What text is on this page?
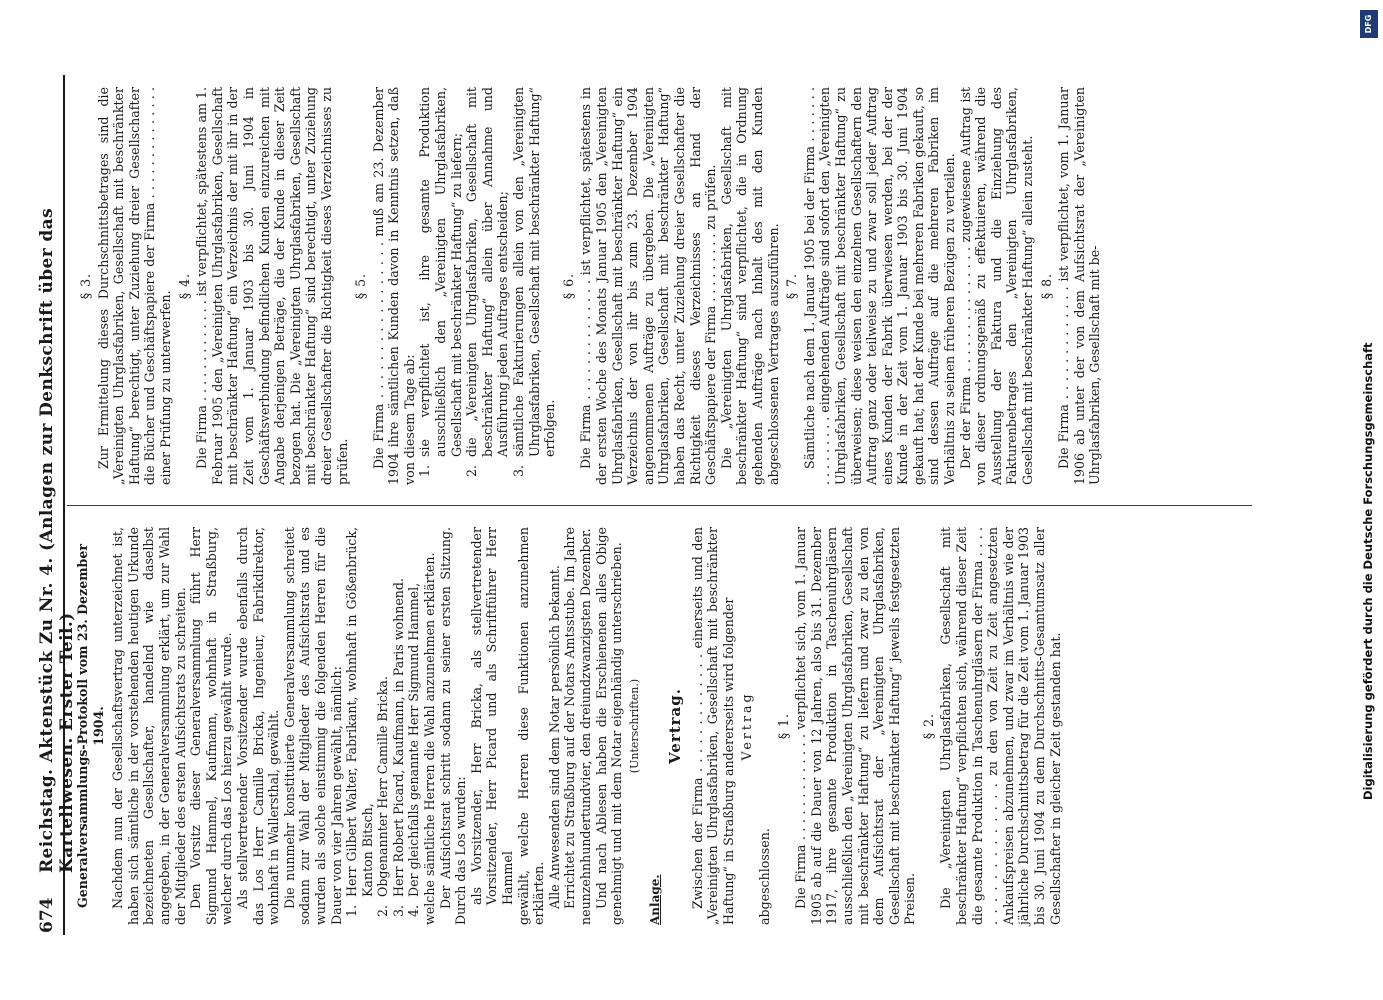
674
Reichstag. Aktenstück Zu Nr. 4. (Anlagen zur Denkschrift über das Kartellwesen. Erster Teil.)

Generalversammlungs-Protokoll vom 23. Dezember 1904. Nachdem nun der Gesellschaftsvertrag unterzeichnet ist, haben sich sämtliche in der vorstehenden heutigen Urkunde bezeichneten Gesellschafter, handelnd wie daselbst angegeben, in der Generalversammlung erklärt, um zur Wahl der Mitglieder des ersten Aufsichtsrats zu schreiten. Den Vorsitz dieser Generalversammlung führt Herr Sigmund Hammel, Kaufmann, wohnhaft in Straßburg, welcher durch das Los hierzu gewählt wurde. Als stellvertretender Vorsitzender wurde ebenfalls durch das Los Herr Camille Bricka, Ingenieur, Fabrikdirektor, wohnhaft in Wallersthal, gewählt. Die nunmehr konstituierte Generalversammlung schreitet sodann zur Wahl der Mitglieder des Aufsichtsrats und es wurden als solche einstimmig die folgenden Herren für die Dauer von vier Jahren gewählt, nämlich: 1.
Herr Gilbert Walter, Fabrikant, wohnhaft in Gößenbrück, Kanton Bitsch,

2.
Obgenannter Herr Camille Bricka.

3.
Herr Robert Picard, Kaufmann, in Paris wohnend.

4.
Der gleichfalls genannte Herr Sigmund Hammel, welche sämtliche Herren die Wahl anzunehmen erklärten. Der Aufsichtsrat schritt sodann zu seiner ersten Sitzung. Durch das Los wurden: als Vorsitzender, Herr Bricka, als stellvertretender Vorsitzender, Herr Picard und als Schriftführer Herr Hammel gewählt, welche Herren diese Funktionen anzunehmen erklärten. Alle Anwesenden sind dem Notar persönlich bekannt. Errichtet zu Straßburg auf der Notars Amtsstube. Im Jahre neunzehnhundertundvier, den dreiundzwanzigsten Dezember. Und nach Ablesen haben die Erschienenen alles Obige genehmigt und mit dem Notar eigenhändig unterschrieben. (Unterschriften.)

Anlage.

Vertrag. Zwischen der Firma . . . . . . . . . . . . . einerseits und den „Vereinigten Uhrglasfabriken, Gesellschaft mit beschränkter Haftung“ in Straßburg andererseits wird folgender Vertrag

abgeschlossen.

§ 1. Die Firma . . . . . . . . . . . . . verpflichtet sich, vom 1. Januar 1905 ab auf die Dauer von 12 Jahren, also bis 31. Dezember 1917, ihre gesamte Produktion in Taschenuhrgläsern ausschließlich den „Vereinigten Uhrglasfabriken, Gesellschaft mit beschränkter Haftung“ zu liefern und zwar zu den von dem Aufsichtsrat der „Vereinigten Uhrglasfabriken, Gesellschaft mit beschränkter Haftung“ jeweils festgesetzten Preisen.

§ 2. Die „Vereinigten Uhrglasfabriken, Gesellschaft mit beschränkter Haftung“ verpflichten sich, während dieser Zeit die gesamte Produktion in Taschenuhrgläsern der Firma . . . . . . . . . . . . . . . . . zu den von Zeit zu Zeit angesetzten Ankaufspreisen abzunehmen, und zwar im Verhältnis wie der jährliche Durchschnittsbetrag für die Zeit vom 1. Januar 1903 bis 30. Juni 1904 zu dem Durchschnitts-Gesamtumsatz aller Gesellschafter in gleicher Zeit gestanden hat.

§ 3. Zur Ermittelung dieses Durchschnittsbetrages sind die „Vereinigten Uhrglasfabriken, Gesellschaft mit beschränkter Haftung“ berechtigt, unter Zuziehung dreier Gesellschafter die Bücher und Geschäftspapiere der Firma . . . . . . . . . . . . . . einer Prüfung zu unterwerfen.

§ 4. Die Firma . . . . . . . . . . . . . ist verpflichtet, spätestens am 1. Februar 1905 den „Vereinigten Uhrglasfabriken, Gesellschaft mit beschränkter Haftung“ ein Verzeichnis der mit ihr in der Zeit vom 1. Januar 1903 bis 30. Juni 1904 in Geschäftsverbindung befindlichen Kunden einzureichen mit Angabe derjenigen Beträge, die der Kunde in dieser Zeit bezogen hat. Die „Vereinigten Uhrglasfabriken, Gesellschaft mit beschränkter Haftung“ sind berechtigt, unter Zuziehung dreier Gesellschafter die Richtigkeit dieses Verzeichnisses zu prüfen.

§ 5. Die Firma . . . . . . . . . . . . . . . . . muß am 23. Dezember 1904 ihre sämtlichen Kunden davon in Kenntnis setzen, daß von diesem Tage ab: 1.
sie verpflichtet ist, ihre gesamte Produktion ausschließlich den „Vereinigten Uhrglasfabriken, Gesellschaft mit beschränkter Haftung“ zu liefern;

2.
die „Vereinigten Uhrglasfabriken, Gesellschaft mit beschränkter Haftung“ allein über Annahme und Ausführung jeden Auftrages entscheiden;

3.
sämtliche Fakturierungen allein von den „Vereinigten Uhrglasfabriken, Gesellschaft mit beschränkter Haftung“ erfolgen.

§ 6. Die Firma . . . . . . . . . . . . . . ist verpflichtet, spätestens in der ersten Woche des Monats Januar 1905 den „Vereinigten Uhrglasfabriken, Gesellschaft mit beschränkter Haftung“ ein Verzeichnis der von ihr bis zum 23. Dezember 1904 angenommenen Aufträge zu übergeben. Die „Vereinigten Uhrglasfabriken, Gesellschaft mit beschränkter Haftung“ haben das Recht, unter Zuziehung dreier Gesellschafter die Richtigkeit dieses Verzeichnisses an Hand der Geschäftspapiere der Firma . . . . . . . . . zu prüfen. Die „Vereinigten Uhrglasfabriken, Gesellschaft mit beschränkter Haftung“ sind verpflichtet, die in Ordnung gehenden Aufträge nach Inhalt des mit den Kunden abgeschlossenen Vertrages auszuführen. § 7. Sämtliche nach dem 1. Januar 1905 bei der Firma . . . . . . . . . . . . . . . . eingehenden Aufträge sind sofort den „Vereinigten Uhrglasfabriken, Gesellschaft mit beschränkter Haftung“ zu überweisen; diese weisen den einzelnen Gesellschaftern den Auftrag ganz oder teilweise zu und zwar soll jeder Auftrag eines Kunden der Fabrik überwiesen werden, bei der der Kunde in der Zeit vom 1. Januar 1903 bis 30. Juni 1904 gekauft hat; hat der Kunde bei mehreren Fabriken gekauft, so sind dessen Aufträge auf die mehreren Fabriken im Verhältnis zu seinen früheren Bezügen zu verteilen. Der der Firma . . . . . . . . . . . . . . . zugewiesene Auftrag ist von dieser ordnungsgemäß zu effektuieren, während die Ausstellung der Faktura und die Einziehung des Fakturenbetrages den „Vereinigten Uhrglasfabriken, Gesellschaft mit beschränkter Haftung“ allein zusteht. § 8. Die Firma . . . . . . . . . . . . . ist verpflichtet, vom 1. Januar 1906 ab unter der von dem Aufsichtsrat der „Vereinigten Uhrglasfabriken, Gesellschaft mit be-

DFG
Digitalisierung gefördert durch die Deutsche Forschungsgemeinschaft
